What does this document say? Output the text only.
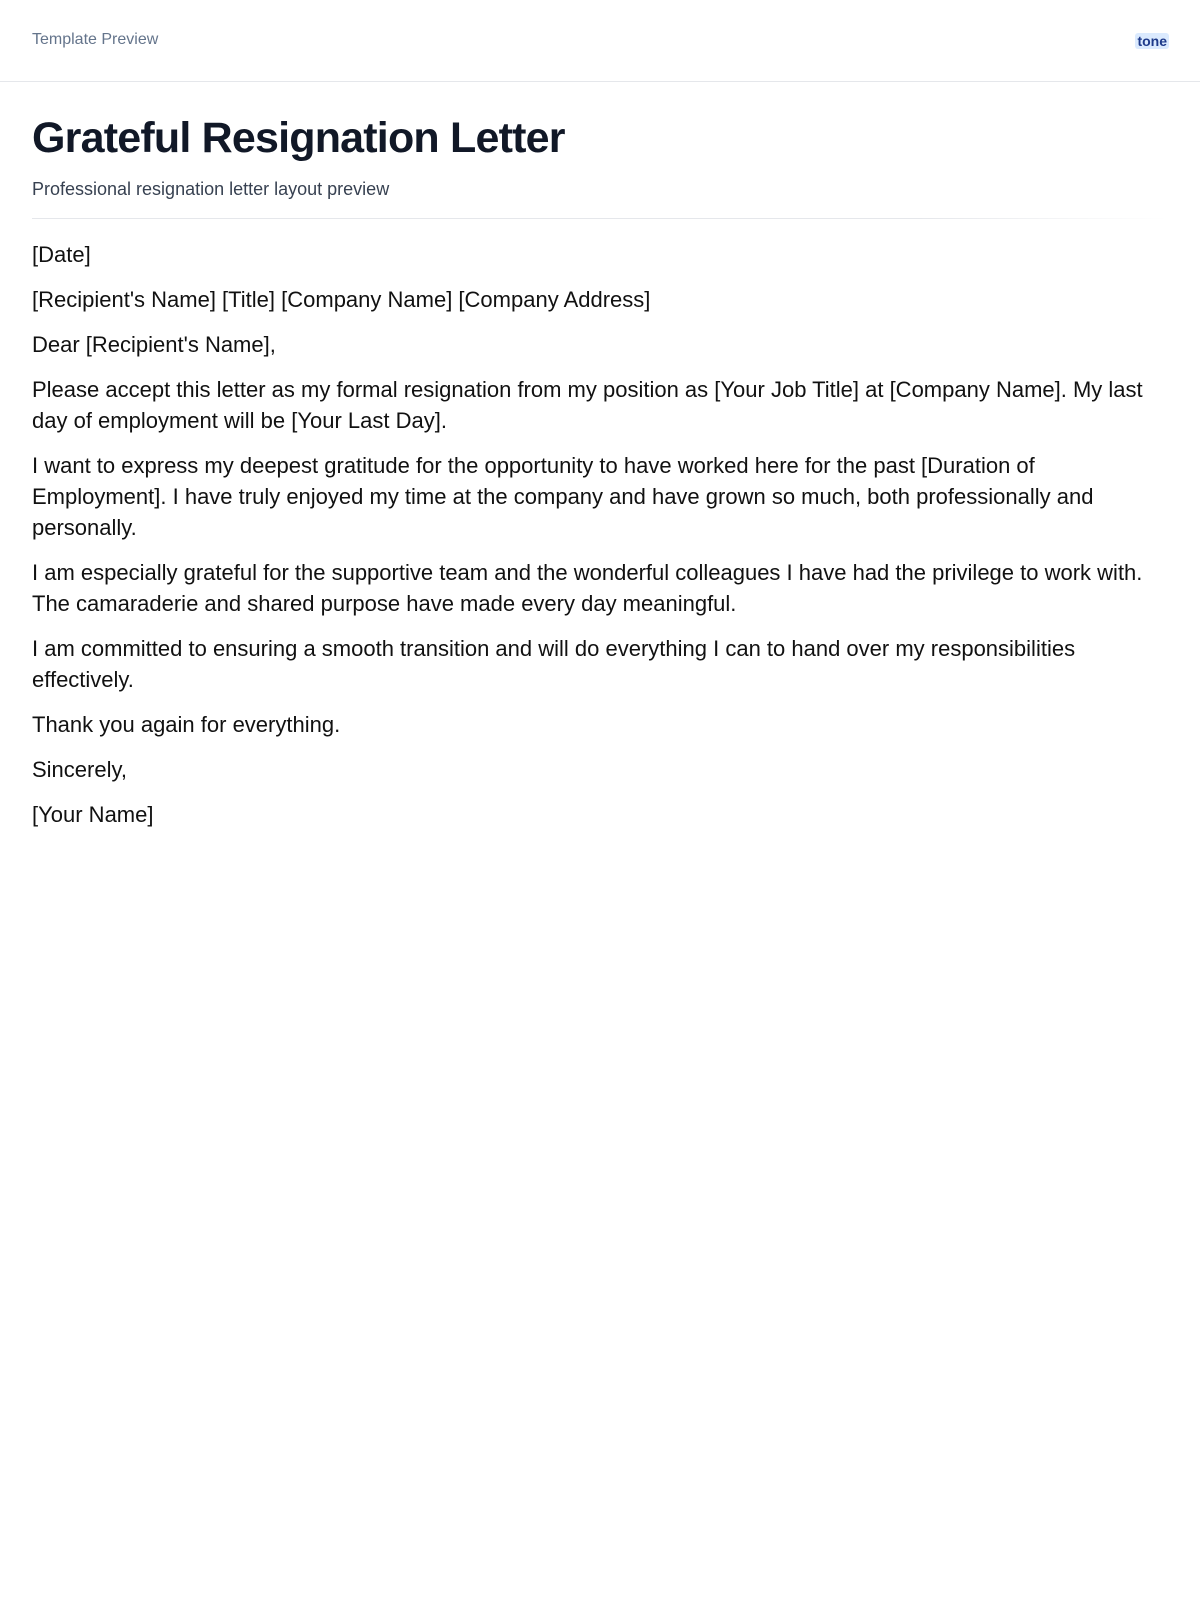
Template Preview	tone
Grateful Resignation Letter
Professional resignation letter layout preview

[Date]

[Recipient's Name] [Title] [Company Name] [Company Address]

Dear [Recipient's Name],

Please accept this letter as my formal resignation from my position as [Your Job Title] at [Company Name]. My last day of employment will be [Your Last Day].

I want to express my deepest gratitude for the opportunity to have worked here for the past [Duration of Employment]. I have truly enjoyed my time at the company and have grown so much, both professionally and personally.

I am especially grateful for the supportive team and the wonderful colleagues I have had the privilege to work with. The camaraderie and shared purpose have made every day meaningful.

I am committed to ensuring a smooth transition and will do everything I can to hand over my responsibilities effectively.

Thank you again for everything.

Sincerely,

[Your Name]
